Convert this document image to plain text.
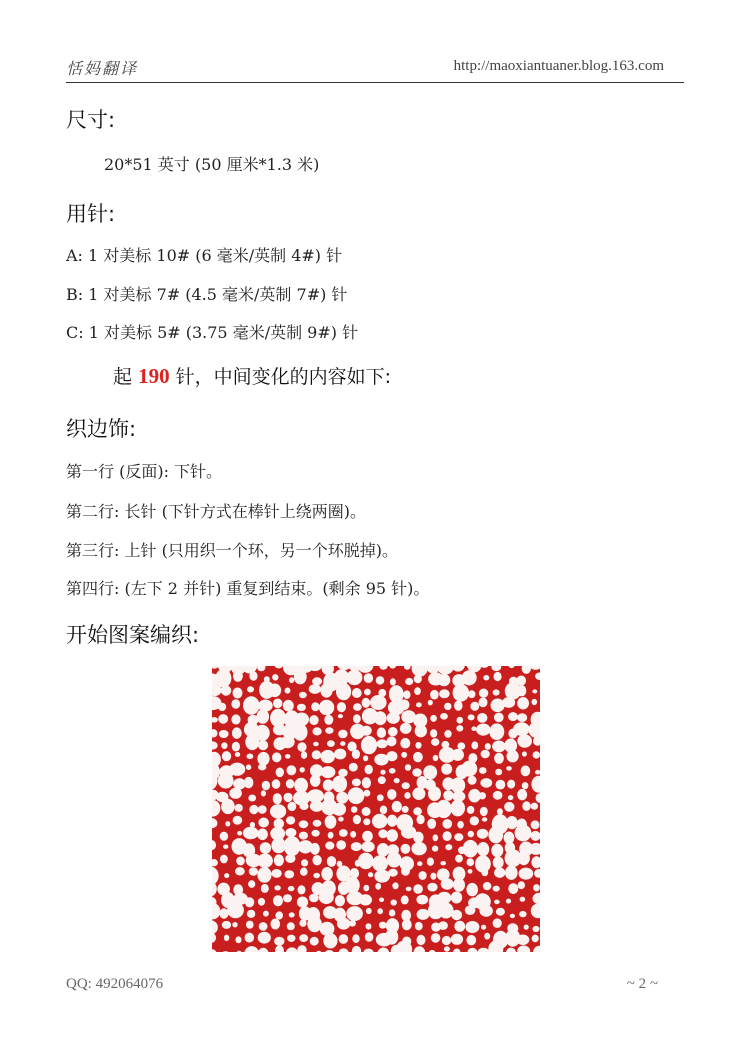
恬妈翻译	http://maoxiantuaner.blog.163.com
尺寸:
20*51 英寸 (50 厘米*1.3 米)
用针:
A: 1 对美标 10# (6 毫米/英制 4#) 针
B: 1 对美标 7# (4.5 毫米/英制 7#) 针
C: 1 对美标 5# (3.75 毫米/英制 9#) 针
起 190 针，中间变化的内容如下:
织边饰:
第一行 (反面): 下针。
第二行: 长针 (下针方式在棒针上绕两圈)。
第三行: 上针 (只用织一个环，另一个环脱掉)。
第四行: (左下 2 并针) 重复到结束。(剩余 95 针)。
开始图案编织:
QQ: 492064076	~ 2 ~
